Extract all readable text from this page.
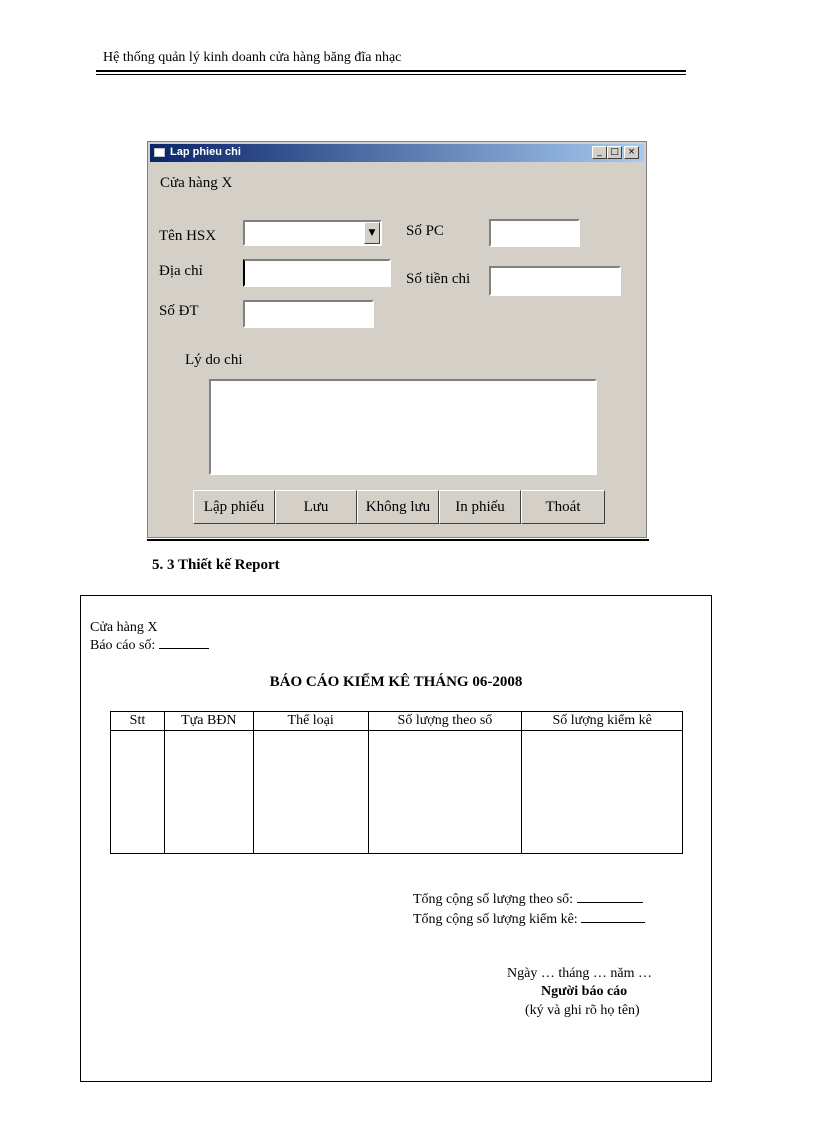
Hệ thống quản lý kinh doanh cửa hàng băng đĩa nhạc
Lap phieu chi	_ □ ×
Cửa hàng X
Tên HSX	▼
Địa chỉ
Số ĐT
Số PC
Số tiền chi
Lý do chi
Lập phiếu	Lưu	Không lưu	In phiếu	Thoát
5. 3 Thiết kế Report
Cửa hàng X
Báo cáo số:
BÁO CÁO KIỂM KÊ THÁNG 06-2008
Stt	Tựa BĐN	Thể loại	Số lượng theo sổ	Số lượng kiểm kê

Tổng cộng số lượng theo sổ:
Tổng cộng số lượng kiểm kê:
Ngày … tháng … năm …
Người báo cáo
(ký và ghi rõ họ tên)
